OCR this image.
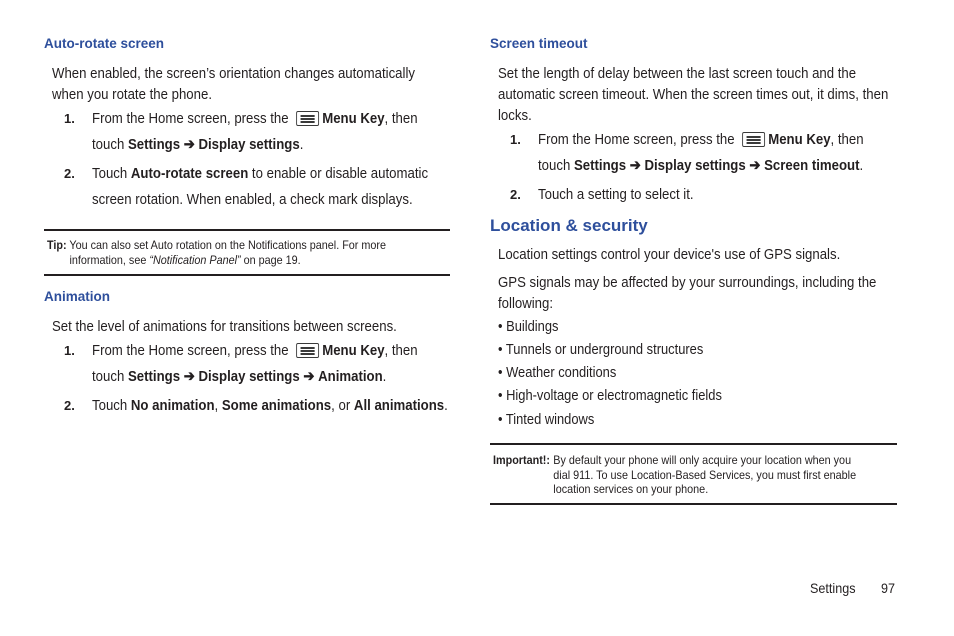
Auto-rotate screen
When enabled, the screen’s orientation changes automatically when you rotate the phone.
1. From the Home screen, press the Menu Key, then
touch Settings ➔ Display settings.
2. Touch Auto-rotate screen to enable or disable automatic
screen rotation. When enabled, a check mark displays.
Tip: You can also set Auto rotation on the Notifications panel. For more
information, see “Notification Panel” on page 19.
Animation
Set the level of animations for transitions between screens.
1. From the Home screen, press the Menu Key, then
touch Settings ➔ Display settings ➔ Animation.
2. Touch No animation, Some animations, or All animations.
Screen timeout
Set the length of delay between the last screen touch and the automatic screen timeout. When the screen times out, it dims, then locks.
1. From the Home screen, press the Menu Key, then
touch Settings ➔ Display settings ➔ Screen timeout.
2. Touch a setting to select it.
Location & security
Location settings control your device's use of GPS signals.
GPS signals may be affected by your surroundings, including the following:
• Buildings
• Tunnels or underground structures
• Weather conditions
• High-voltage or electromagnetic fields
• Tinted windows
Important!: By default your phone will only acquire your location when you
dial 911. To use Location-Based Services, you must first enable
location services on your phone.
Settings 97
